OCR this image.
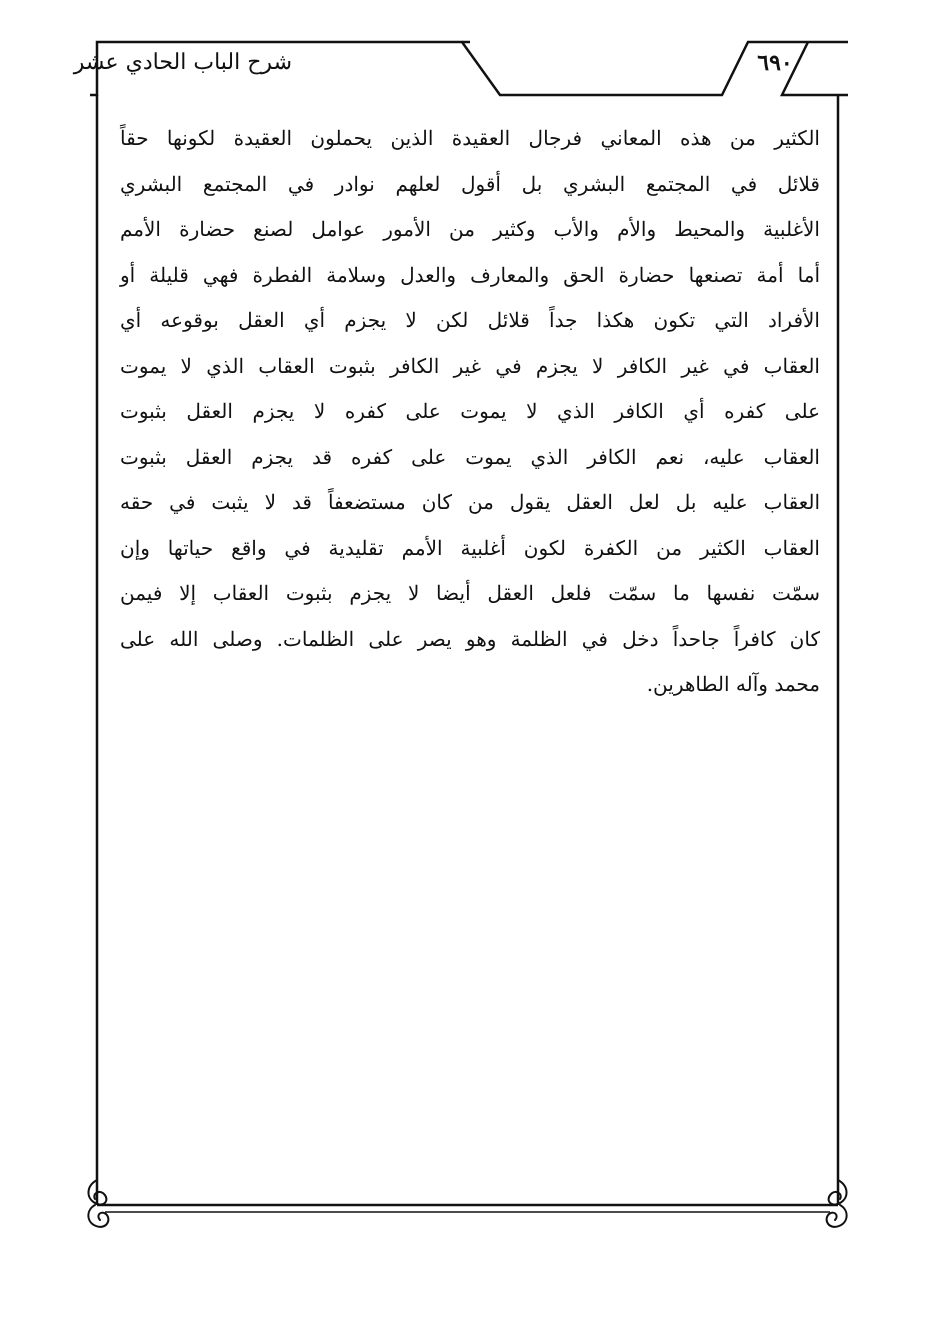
شرح الباب الحادي عشر	٦٩٠
الكثير من هذه المعاني فرجال العقيدة الذين يحملون العقيدة لكونها حقاً
قلائل في المجتمع البشري بل أقول لعلهم نوادر في المجتمع البشري
الأغلبية والمحيط والأم والأب وكثير من الأمور عوامل لصنع حضارة الأمم
أما أمة تصنعها حضارة الحق والمعارف والعدل وسلامة الفطرة فهي قليلة أو
الأفراد التي تكون هكذا جداً قلائل لكن لا يجزم أي العقل بوقوعه أي
العقاب في غير الكافر لا يجزم في غير الكافر بثبوت العقاب الذي لا يموت
على كفره أي الكافر الذي لا يموت على كفره لا يجزم العقل بثبوت
العقاب عليه، نعم الكافر الذي يموت على كفره قد يجزم العقل بثبوت
العقاب عليه بل لعل العقل يقول من كان مستضعفاً قد لا يثبت في حقه
العقاب الكثير من الكفرة لكون أغلبية الأمم تقليدية في واقع حياتها وإن
سمّت نفسها ما سمّت فلعل العقل أيضا لا يجزم بثبوت العقاب إلا فيمن
كان كافراً جاحداً دخل في الظلمة وهو يصر على الظلمات. وصلى الله على
محمد وآله الطاهرين.
